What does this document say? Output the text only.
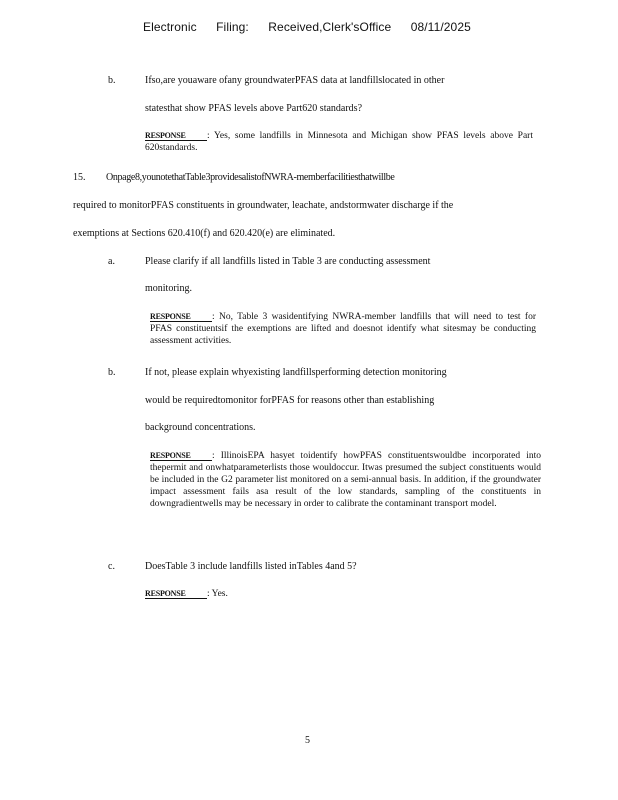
Electronic Filing: Received,Clerk'sOffice 08/11/2025
b.	Ifso,are youaware ofany groundwaterPFAS data at landfillslocated in other
statesthat show PFAS levels above Part620 standards?
RESPONSE : Yes, some landfills in Minnesota and Michigan show PFAS levels above Part 620standards.
15. Onpage8,younotethatTable3providesalistofNWRA-memberfacilitiesthatwillbe
required to monitorPFAS constituents in groundwater, leachate, andstormwater discharge if the
exemptions at Sections 620.410(f) and 620.420(e) are eliminated.
a.	Please clarify if all landfills listed in Table 3 are conducting assessment
monitoring.
RESPONSE : No, Table 3 wasidentifying NWRA-member landfills that will need to test for PFAS constituentsif the exemptions are lifted and doesnot identify what sitesmay be conducting assessment activities.
b.	If not, please explain whyexisting landfillsperforming detection monitoring
would be requiredtomonitor forPFAS for reasons other than establishing
background concentrations.
RESPONSE : IllinoisEPA hasyet toidentify howPFAS constituentswouldbe incorporated into thepermit and onwhatparameterlists those wouldoccur. Itwas presumed the subject constituents would be included in the G2 parameter list monitored on a semi-annual basis. In addition, if the groundwater impact assessment fails asa result of the low standards, sampling of the constituents in downgradientwells may be necessary in order to calibrate the contaminant transport model.
c.	DoesTable 3 include landfills listed inTables 4and 5?
RESPONSE : Yes.
5
